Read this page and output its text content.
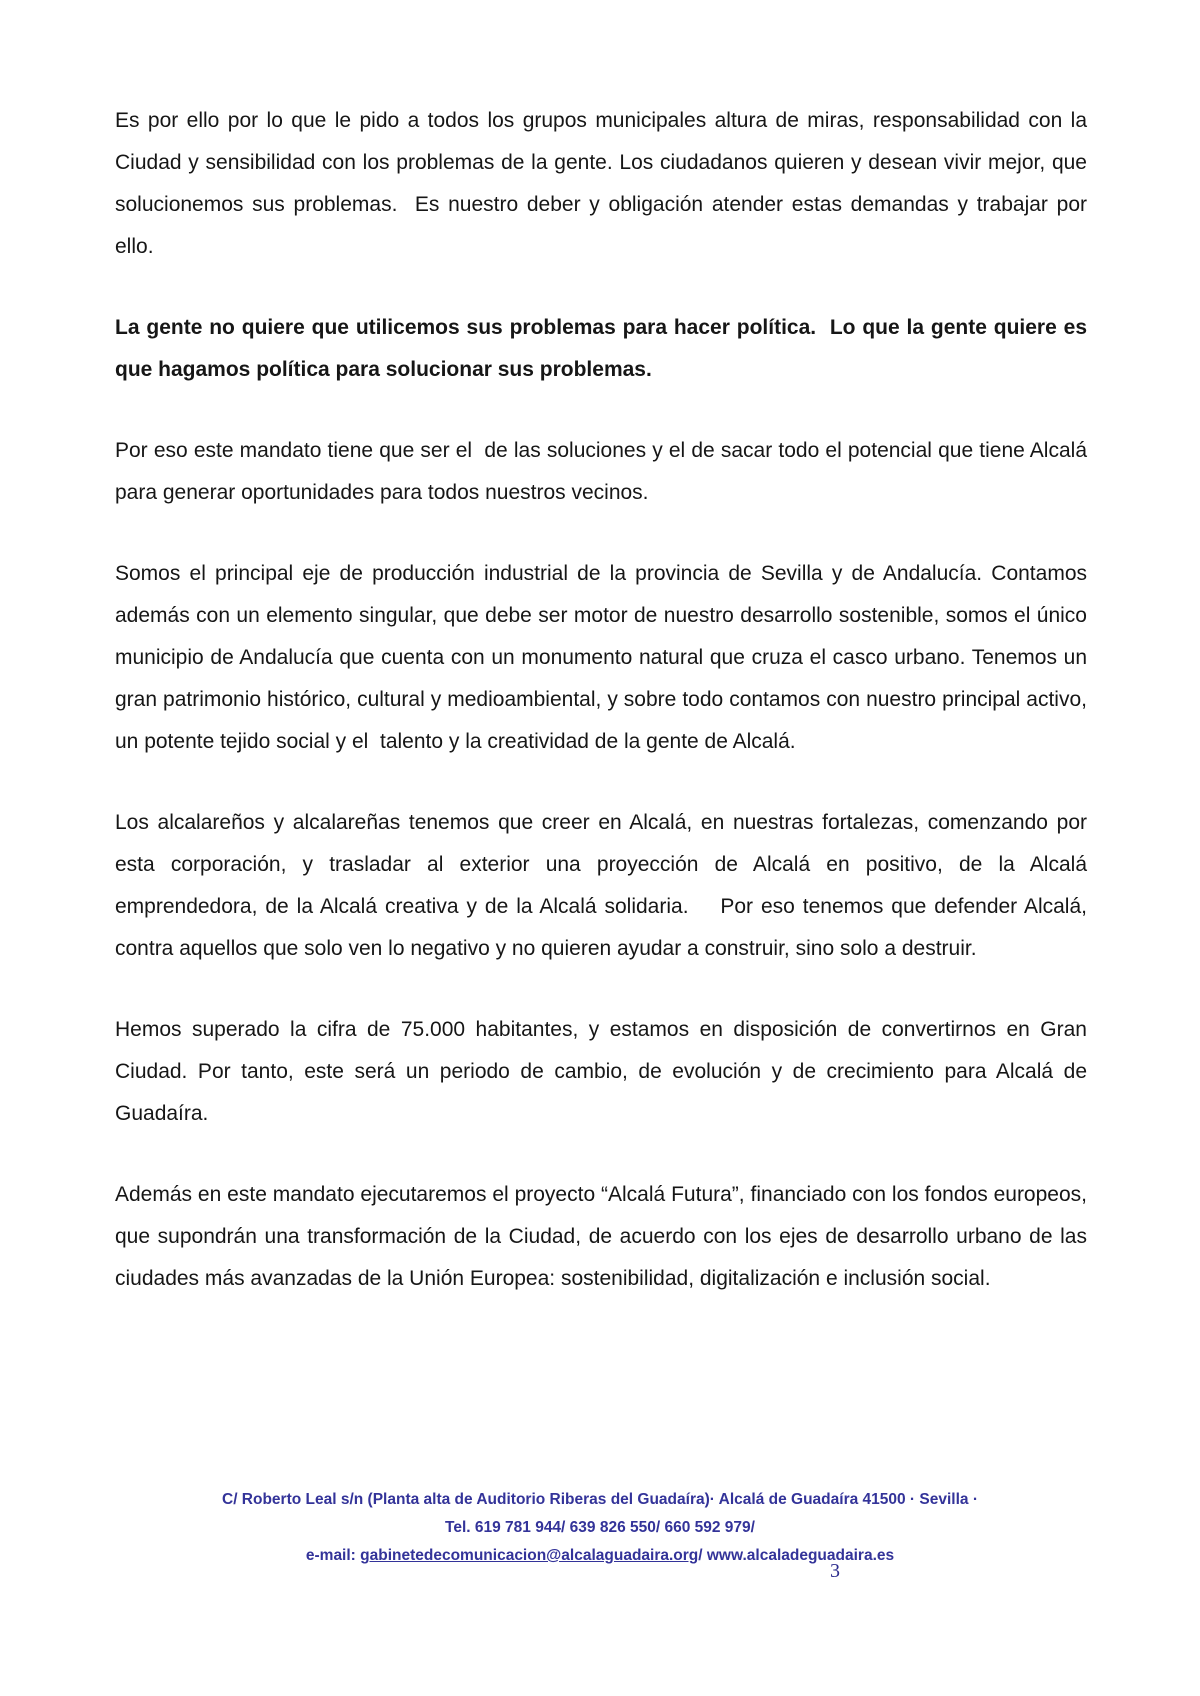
Es por ello por lo que le pido a todos los grupos municipales altura de miras, responsabilidad con la Ciudad y sensibilidad con los problemas de la gente. Los ciudadanos quieren y desean vivir mejor, que solucionemos sus problemas.  Es nuestro deber y obligación atender estas demandas y trabajar por ello.

La gente no quiere que utilicemos sus problemas para hacer política.  Lo que la gente quiere es que hagamos política para solucionar sus problemas.

Por eso este mandato tiene que ser el  de las soluciones y el de sacar todo el potencial que tiene Alcalá para generar oportunidades para todos nuestros vecinos.

Somos el principal eje de producción industrial de la provincia de Sevilla y de Andalucía. Contamos además con un elemento singular, que debe ser motor de nuestro desarrollo sostenible, somos el único municipio de Andalucía que cuenta con un monumento natural que cruza el casco urbano. Tenemos un gran patrimonio histórico, cultural y medioambiental, y sobre todo contamos con nuestro principal activo, un potente tejido social y el  talento y la creatividad de la gente de Alcalá.

Los alcalareños y alcalareñas tenemos que creer en Alcalá, en nuestras fortalezas, comenzando por esta corporación, y trasladar al exterior una proyección de Alcalá en positivo, de la Alcalá emprendedora, de la Alcalá creativa y de la Alcalá solidaria.    Por eso tenemos que defender Alcalá, contra aquellos que solo ven lo negativo y no quieren ayudar a construir, sino solo a destruir.

Hemos superado la cifra de 75.000 habitantes, y estamos en disposición de convertirnos en Gran Ciudad. Por tanto, este será un periodo de cambio, de evolución y de crecimiento para Alcalá de Guadaíra.

Además en este mandato ejecutaremos el proyecto “Alcalá Futura”, financiado con los fondos europeos, que supondrán una transformación de la Ciudad, de acuerdo con los ejes de desarrollo urbano de las ciudades más avanzadas de la Unión Europea: sostenibilidad, digitalización e inclusión social.

C/ Roberto Leal s/n (Planta alta de Auditorio Riberas del Guadaíra)· Alcalá de Guadaíra 41500 · Sevilla ·
Tel. 619 781 944/ 639 826 550/ 660 592 979/
e-mail: gabinetedecomunicacion@alcalaguadaira.org/ www.alcaladeguadaira.es
3
